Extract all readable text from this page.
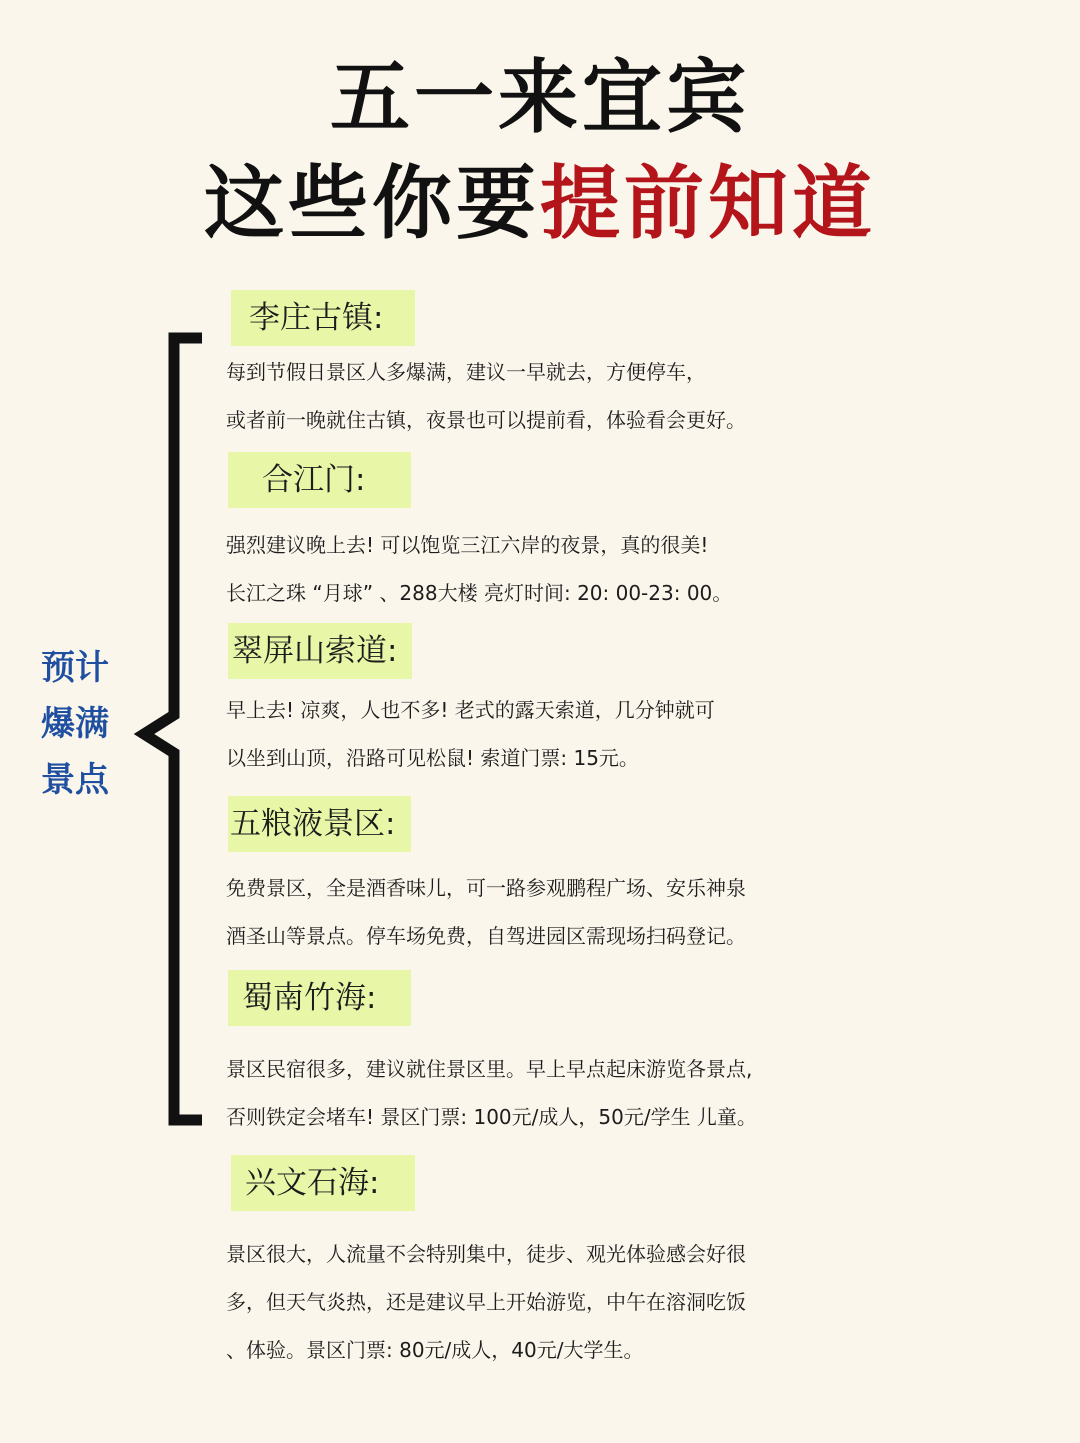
五一来宜宾
这些你要提前知道
预计
爆满
景点
李庄古镇:
每到节假日景区人多爆满，建议一早就去，方便停车，
或者前一晚就住古镇，夜景也可以提前看，体验看会更好。
合江门:
强烈建议晚上去! 可以饱览三江六岸的夜景，真的很美!
长江之珠 “月球” 、288大楼 亮灯时间: 20: 00-23: 00。
翠屏山索道:
早上去! 凉爽，人也不多! 老式的露天索道，几分钟就可
以坐到山顶，沿路可见松鼠! 索道门票: 15元。
五粮液景区:
免费景区，全是酒香味儿，可一路参观鹏程广场、安乐神泉
酒圣山等景点。停车场免费，自驾进园区需现场扫码登记。
蜀南竹海:
景区民宿很多，建议就住景区里。早上早点起床游览各景点,
否则铁定会堵车! 景区门票: 100元/成人，50元/学生 儿童。
兴文石海:
景区很大，人流量不会特别集中，徒步、观光体验感会好很
多，但天气炎热，还是建议早上开始游览，中午在溶洞吃饭
、体验。景区门票: 80元/成人，40元/大学生。
